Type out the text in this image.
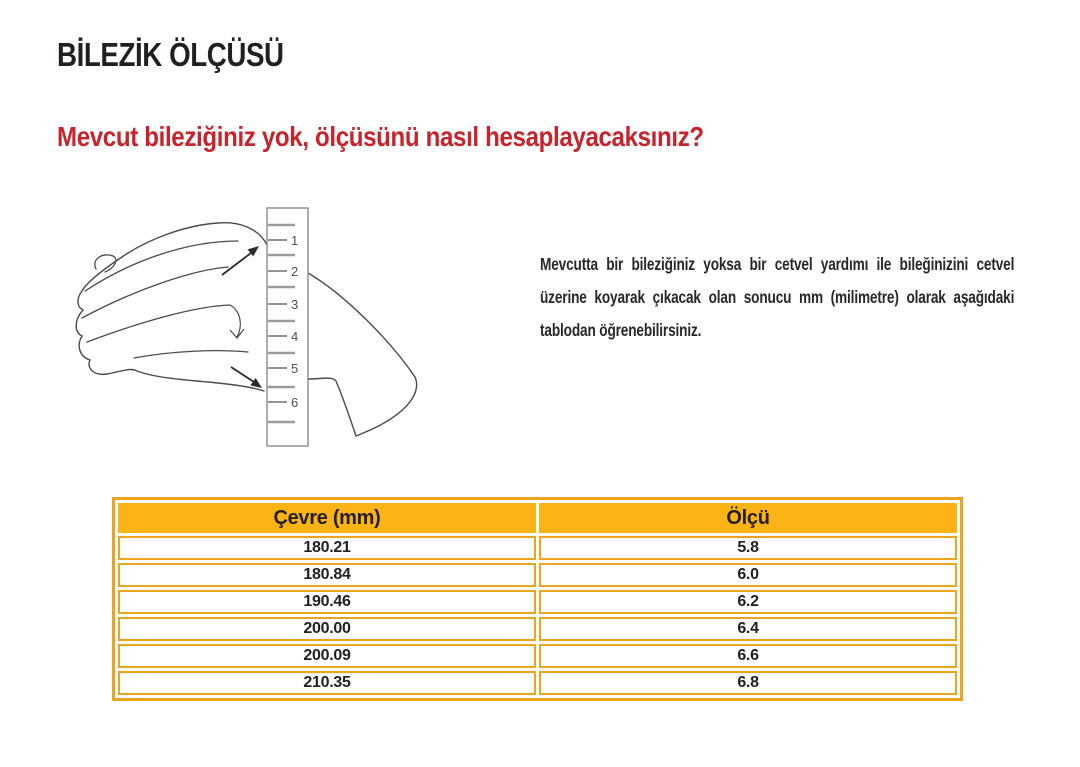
BİLEZİK ÖLÇÜSÜ
Mevcut bileziğiniz yok, ölçüsünü nasıl hesaplayacaksınız?
1
2
3
4
5
6

Mevcutta bir bileziğiniz yoksa bir cetvel yardımı ile bileğinizini cetvel üzerine koyarak çıkacak olan sonucu mm (milimetre) olarak aşağıdaki tablodan öğrenebilirsiniz.

Çevre (mm)	Ölçü
180.21	5.8
180.84	6.0
190.46	6.2
200.00	6.4
200.09	6.6
210.35	6.8
